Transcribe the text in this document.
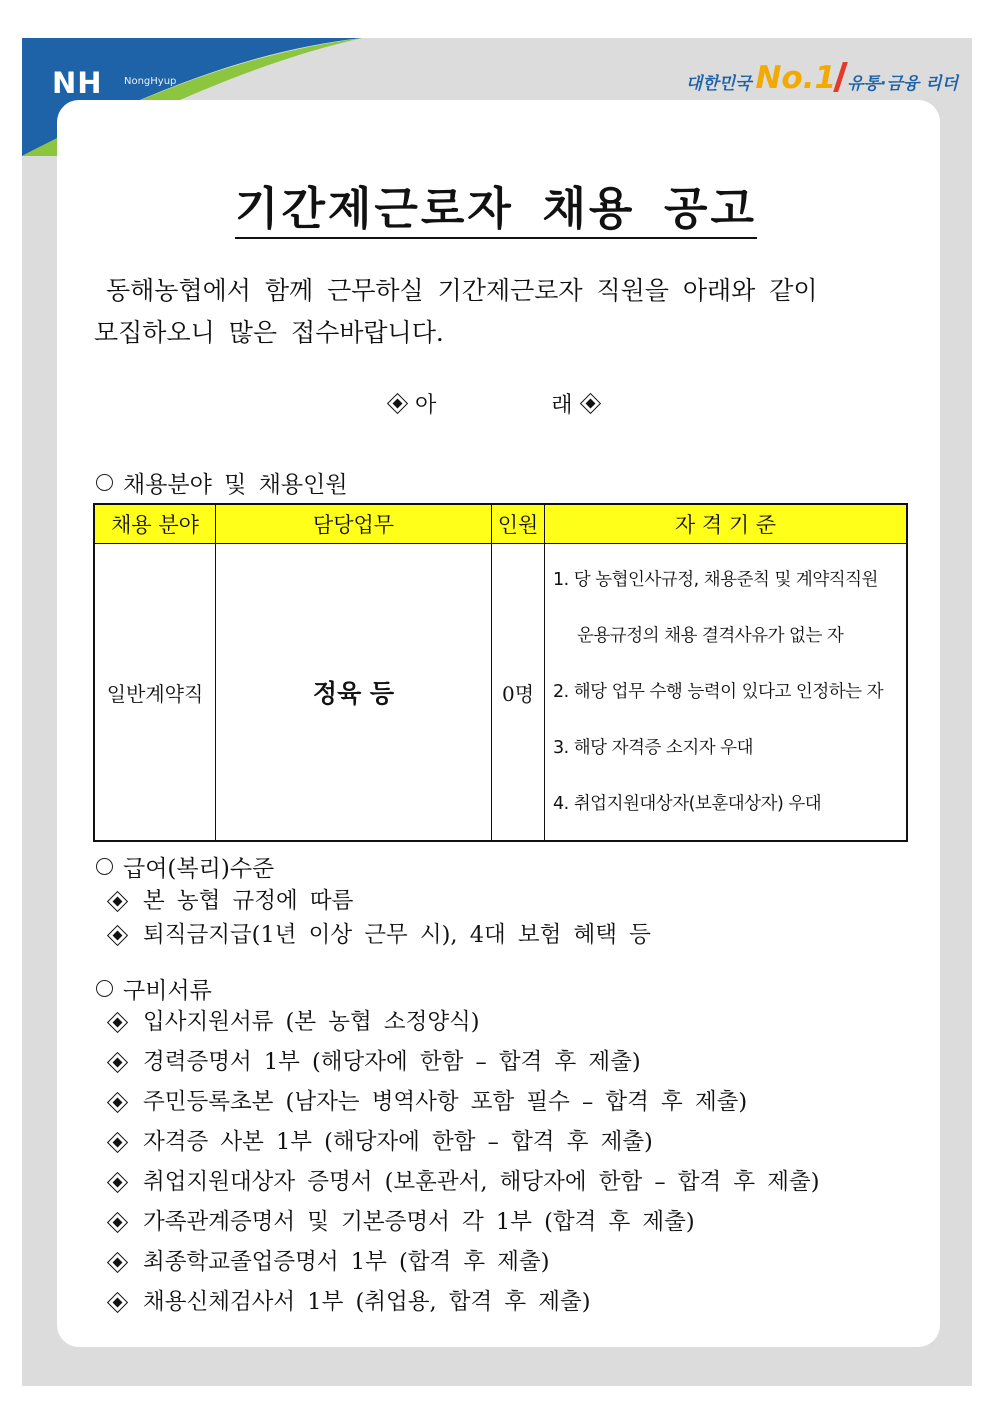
NH NongHyup	대한민국 No.1 유통·금융 리더
기간제근로자 채용 공고

동해농협에서 함께 근무하실 기간제근로자 직원을 아래와 같이

모집하오니 많은 접수바랍니다.

아	래
채용분야 및 채용인원
채용 분야	담당업무	인원	자 격 기 준
일반계약직	정육 등	0명	1. 당 농협인사규정, 채용준칙 및 계약직직원
운용규정의 채용 결격사유가 없는 자
2. 해당 업무 수행 능력이 있다고 인정하는 자
3. 해당 자격증 소지자 우대
4. 취업지원대상자(보훈대상자) 우대
급여(복리)수준
본 농협 규정에 따름
퇴직금지급(1년 이상 근무 시), 4대 보험 혜택 등
구비서류
입사지원서류 (본 농협 소정양식)
경력증명서 1부 (해당자에 한함 – 합격 후 제출)
주민등록초본 (남자는 병역사항 포함 필수 – 합격 후 제출)
자격증 사본 1부 (해당자에 한함 – 합격 후 제출)
취업지원대상자 증명서 (보훈관서, 해당자에 한함 – 합격 후 제출)
가족관계증명서 및 기본증명서 각 1부 (합격 후 제출)
최종학교졸업증명서 1부 (합격 후 제출)
채용신체검사서 1부 (취업용, 합격 후 제출)
